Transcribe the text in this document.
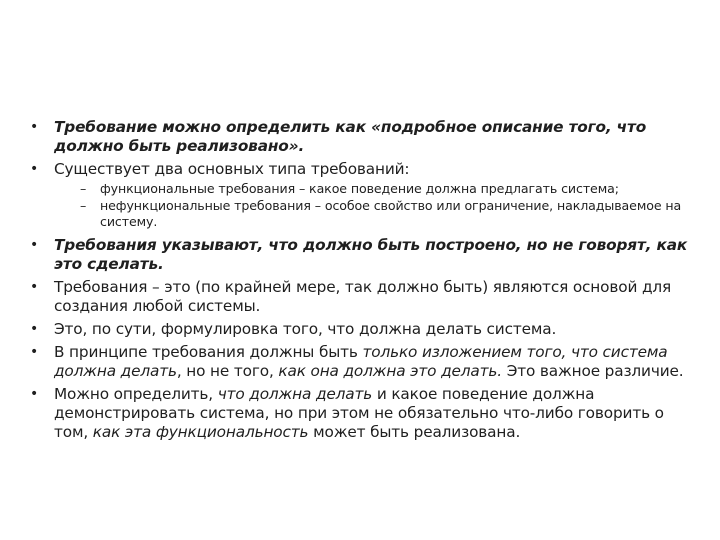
• Требование можно определить как «подробное описание того, что должно быть реализовано».
• Существует два основных типа требований:
– функциональные требования – какое поведение должна предлагать система;
– нефункциональные требования – особое свойство или ограничение, накладываемое на систему.
• Требования указывают, что должно быть построено, но не говорят, как это сделать.
• Требования – это (по крайней мере, так должно быть) являются основой для создания любой системы.
• Это, по сути, формулировка того, что должна делать система.
• В принципе требования должны быть только изложением того, что система должна делать, но не того, как она должна это делать. Это важное различие.
• Можно определить, что должна делать и какое поведение должна демонстрировать система, но при этом не обязательно что-либо говорить о том, как эта функциональность может быть реализована.
